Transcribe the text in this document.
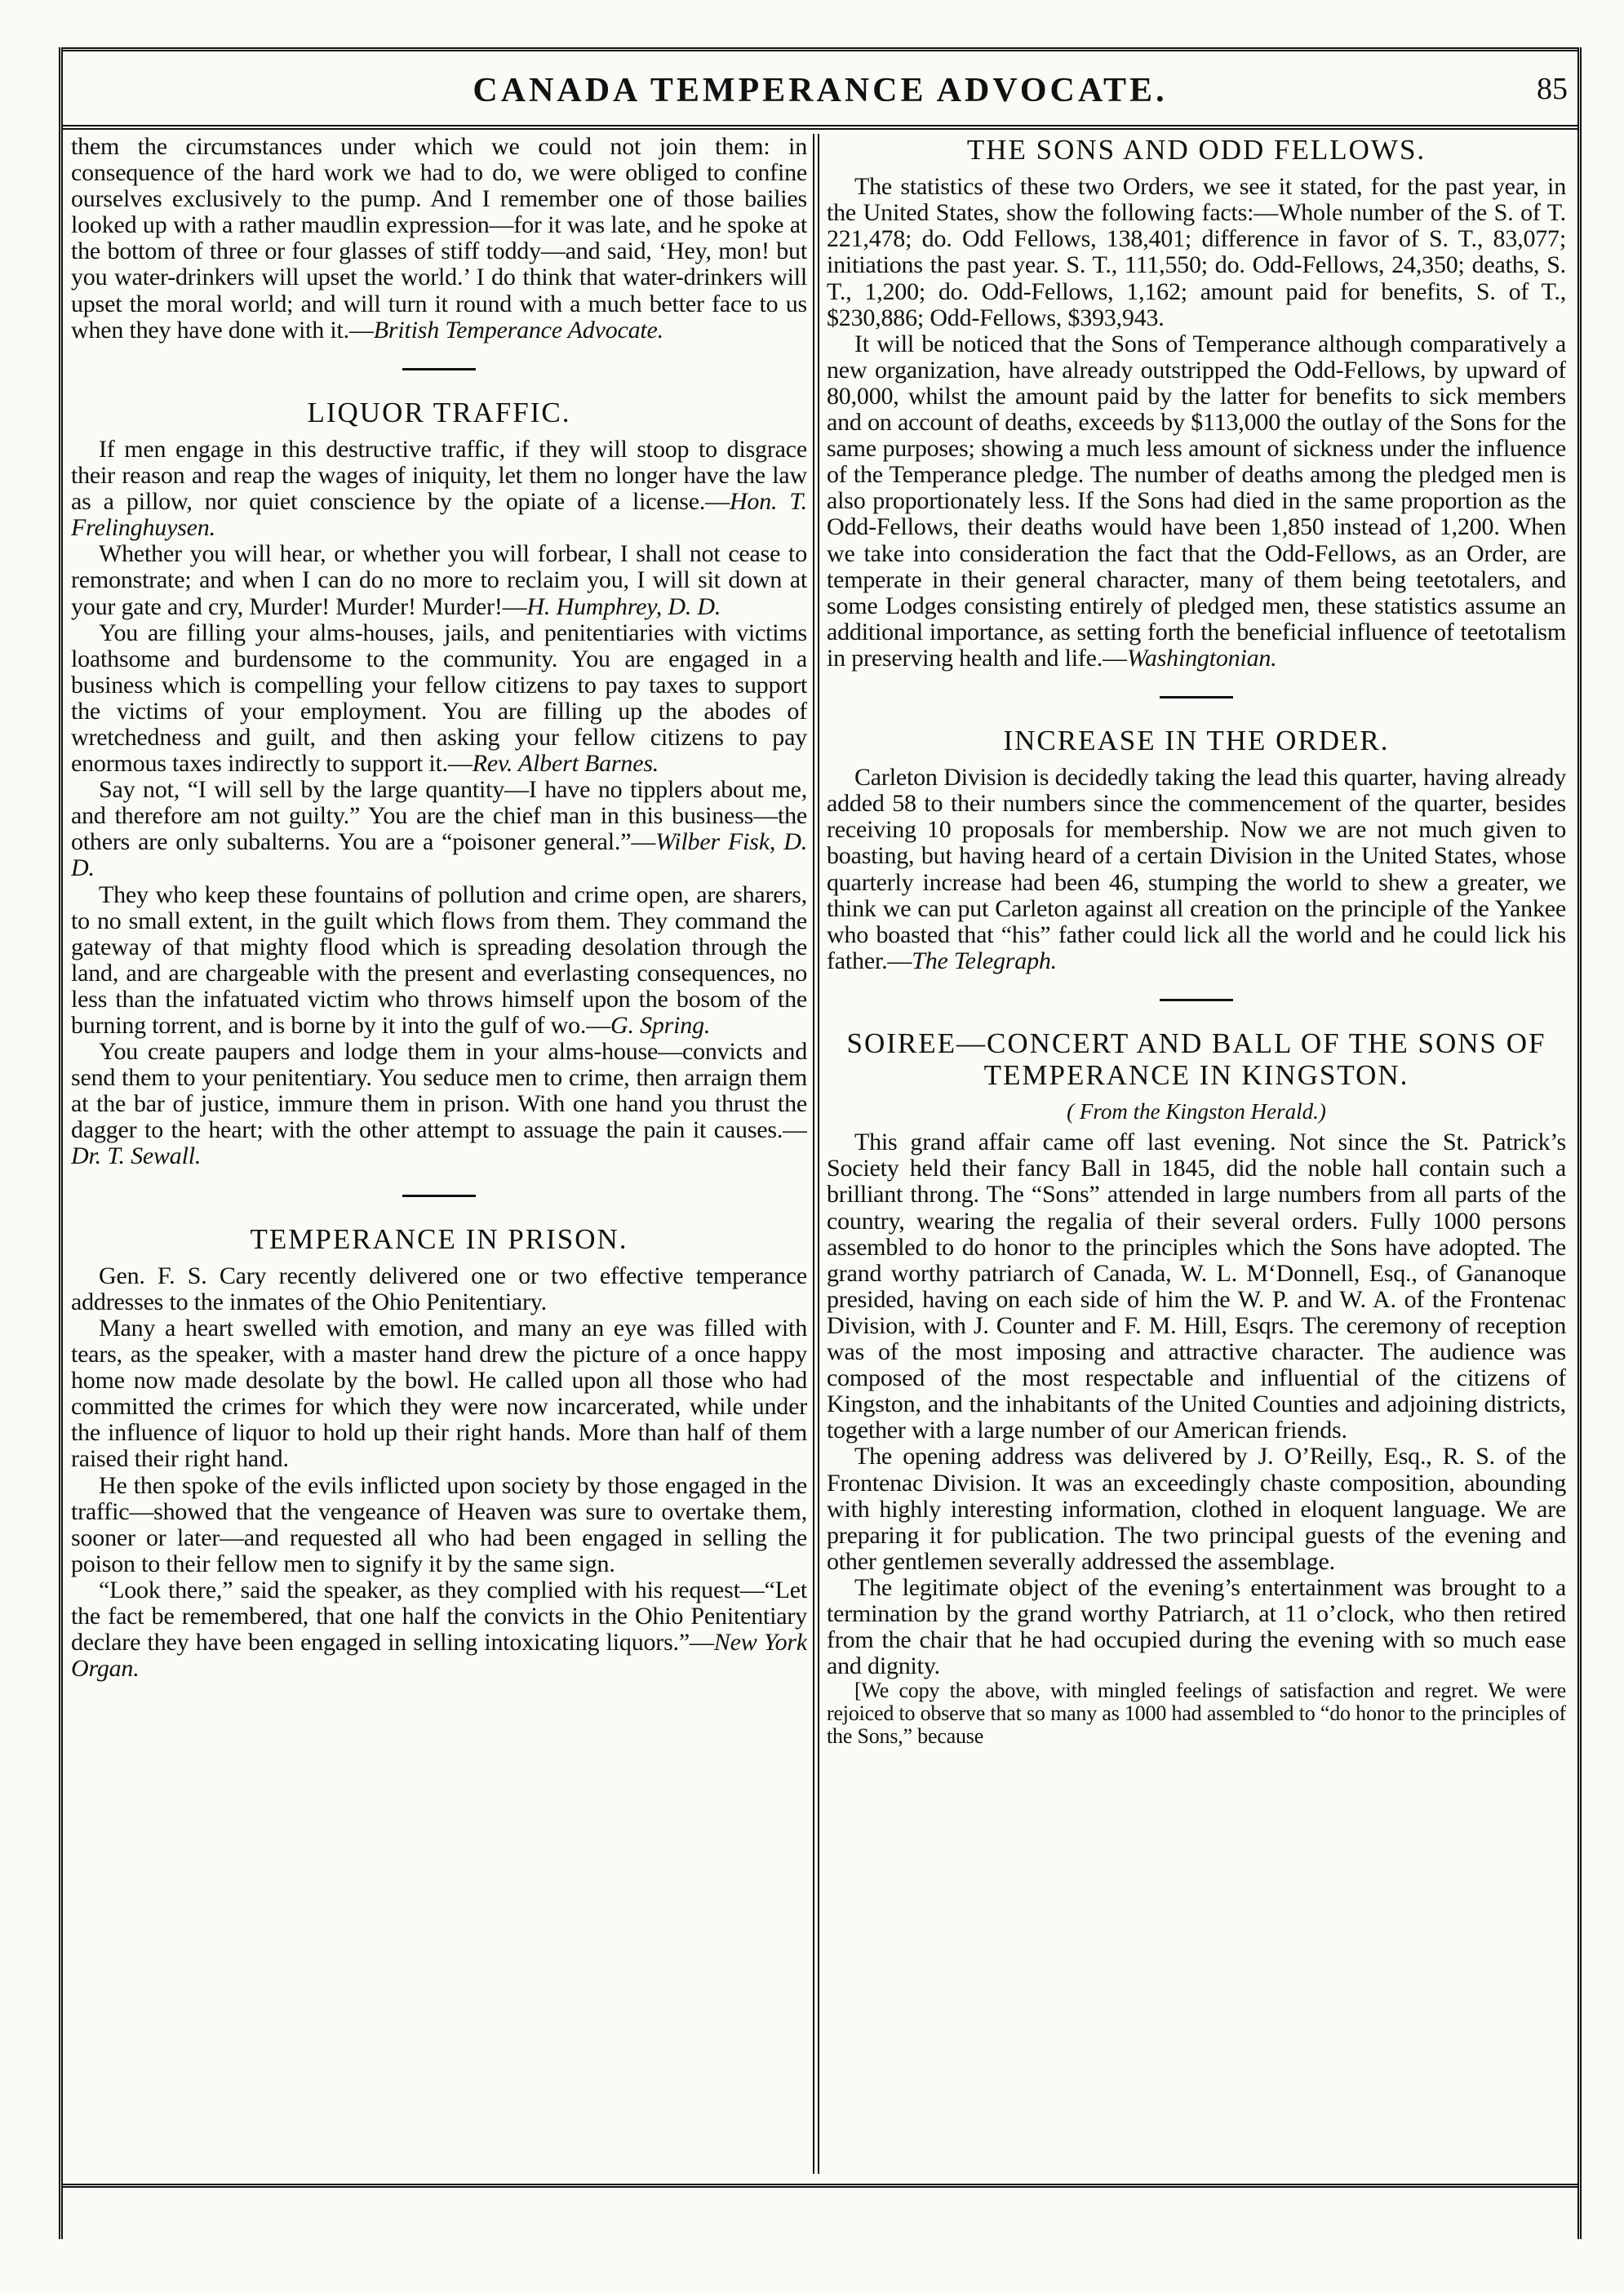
CANADA TEMPERANCE ADVOCATE.	85

them the circumstances under which we could not join them: in consequence of the hard work we had to do, we were obliged to confine ourselves exclusively to the pump. And I remember one of those bailies looked up with a rather maudlin expression—for it was late, and he spoke at the bottom of three or four glasses of stiff toddy—and said, ‘Hey, mon! but you water-drinkers will upset the world.’ I do think that water-drinkers will upset the moral world; and will turn it round with a much better face to us when they have done with it.—British Temperance Advocate.

LIQUOR TRAFFIC.

If men engage in this destructive traffic, if they will stoop to disgrace their reason and reap the wages of iniquity, let them no longer have the law as a pillow, nor quiet conscience by the opiate of a license.—Hon. T. Frelinghuysen.

Whether you will hear, or whether you will forbear, I shall not cease to remonstrate; and when I can do no more to reclaim you, I will sit down at your gate and cry, Murder! Murder! Murder!—H. Humphrey, D. D.

You are filling your alms-houses, jails, and penitentiaries with victims loathsome and burdensome to the community. You are engaged in a business which is compelling your fellow citizens to pay taxes to support the victims of your employment. You are filling up the abodes of wretchedness and guilt, and then asking your fellow citizens to pay enormous taxes indirectly to support it.—Rev. Albert Barnes.

Say not, “I will sell by the large quantity—I have no tipplers about me, and therefore am not guilty.” You are the chief man in this business—the others are only subalterns. You are a “poisoner general.”—Wilber Fisk, D. D.

They who keep these fountains of pollution and crime open, are sharers, to no small extent, in the guilt which flows from them. They command the gateway of that mighty flood which is spreading desolation through the land, and are chargeable with the present and everlasting consequences, no less than the infatuated victim who throws himself upon the bosom of the burning torrent, and is borne by it into the gulf of wo.—G. Spring.

You create paupers and lodge them in your alms-house—convicts and send them to your penitentiary. You seduce men to crime, then arraign them at the bar of justice, immure them in prison. With one hand you thrust the dagger to the heart; with the other attempt to assuage the pain it causes.—Dr. T. Sewall.

TEMPERANCE IN PRISON.

Gen. F. S. Cary recently delivered one or two effective temperance addresses to the inmates of the Ohio Penitentiary.

Many a heart swelled with emotion, and many an eye was filled with tears, as the speaker, with a master hand drew the picture of a once happy home now made desolate by the bowl. He called upon all those who had committed the crimes for which they were now incarcerated, while under the influence of liquor to hold up their right hands. More than half of them raised their right hand.

He then spoke of the evils inflicted upon society by those engaged in the traffic—showed that the vengeance of Heaven was sure to overtake them, sooner or later—and requested all who had been engaged in selling the poison to their fellow men to signify it by the same sign.

“Look there,” said the speaker, as they complied with his request—“Let the fact be remembered, that one half the convicts in the Ohio Penitentiary declare they have been engaged in selling intoxicating liquors.”—New York Organ.

THE SONS AND ODD FELLOWS.

The statistics of these two Orders, we see it stated, for the past year, in the United States, show the following facts:—Whole number of the S. of T. 221,478; do. Odd Fellows, 138,401; difference in favor of S. T., 83,077; initiations the past year. S. T., 111,550; do. Odd-Fellows, 24,350; deaths, S. T., 1,200; do. Odd-Fellows, 1,162; amount paid for benefits, S. of T., $230,886; Odd-Fellows, $393,943.

It will be noticed that the Sons of Temperance although comparatively a new organization, have already outstripped the Odd-Fellows, by upward of 80,000, whilst the amount paid by the latter for benefits to sick members and on account of deaths, exceeds by $113,000 the outlay of the Sons for the same purposes; showing a much less amount of sickness under the influence of the Temperance pledge. The number of deaths among the pledged men is also proportionately less. If the Sons had died in the same proportion as the Odd-Fellows, their deaths would have been 1,850 instead of 1,200. When we take into consideration the fact that the Odd-Fellows, as an Order, are temperate in their general character, many of them being teetotalers, and some Lodges consisting entirely of pledged men, these statistics assume an additional importance, as setting forth the beneficial influence of teetotalism in preserving health and life.—Washingtonian.

INCREASE IN THE ORDER.

Carleton Division is decidedly taking the lead this quarter, having already added 58 to their numbers since the commencement of the quarter, besides receiving 10 proposals for membership. Now we are not much given to boasting, but having heard of a certain Division in the United States, whose quarterly increase had been 46, stumping the world to shew a greater, we think we can put Carleton against all creation on the principle of the Yankee who boasted that “his” father could lick all the world and he could lick his father.—The Telegraph.

SOIREE—CONCERT AND BALL OF THE SONS OF TEMPERANCE IN KINGSTON.
( From the Kingston Herald.)

This grand affair came off last evening. Not since the St. Patrick’s Society held their fancy Ball in 1845, did the noble hall contain such a brilliant throng. The “Sons” attended in large numbers from all parts of the country, wearing the regalia of their several orders. Fully 1000 persons assembled to do honor to the principles which the Sons have adopted. The grand worthy patriarch of Canada, W. L. M‘Donnell, Esq., of Gananoque presided, having on each side of him the W. P. and W. A. of the Frontenac Division, with J. Counter and F. M. Hill, Esqrs. The ceremony of reception was of the most imposing and attractive character. The audience was composed of the most respectable and influential of the citizens of Kingston, and the inhabitants of the United Counties and adjoining districts, together with a large number of our American friends.

The opening address was delivered by J. O’Reilly, Esq., R. S. of the Frontenac Division. It was an exceedingly chaste composition, abounding with highly interesting information, clothed in eloquent language. We are preparing it for publication. The two principal guests of the evening and other gentlemen severally addressed the assemblage.

The legitimate object of the evening’s entertainment was brought to a termination by the grand worthy Patriarch, at 11 o’clock, who then retired from the chair that he had occupied during the evening with so much ease and dignity.

[We copy the above, with mingled feelings of satisfaction and regret. We were rejoiced to observe that so many as 1000 had assembled to “do honor to the principles of the Sons,” because
